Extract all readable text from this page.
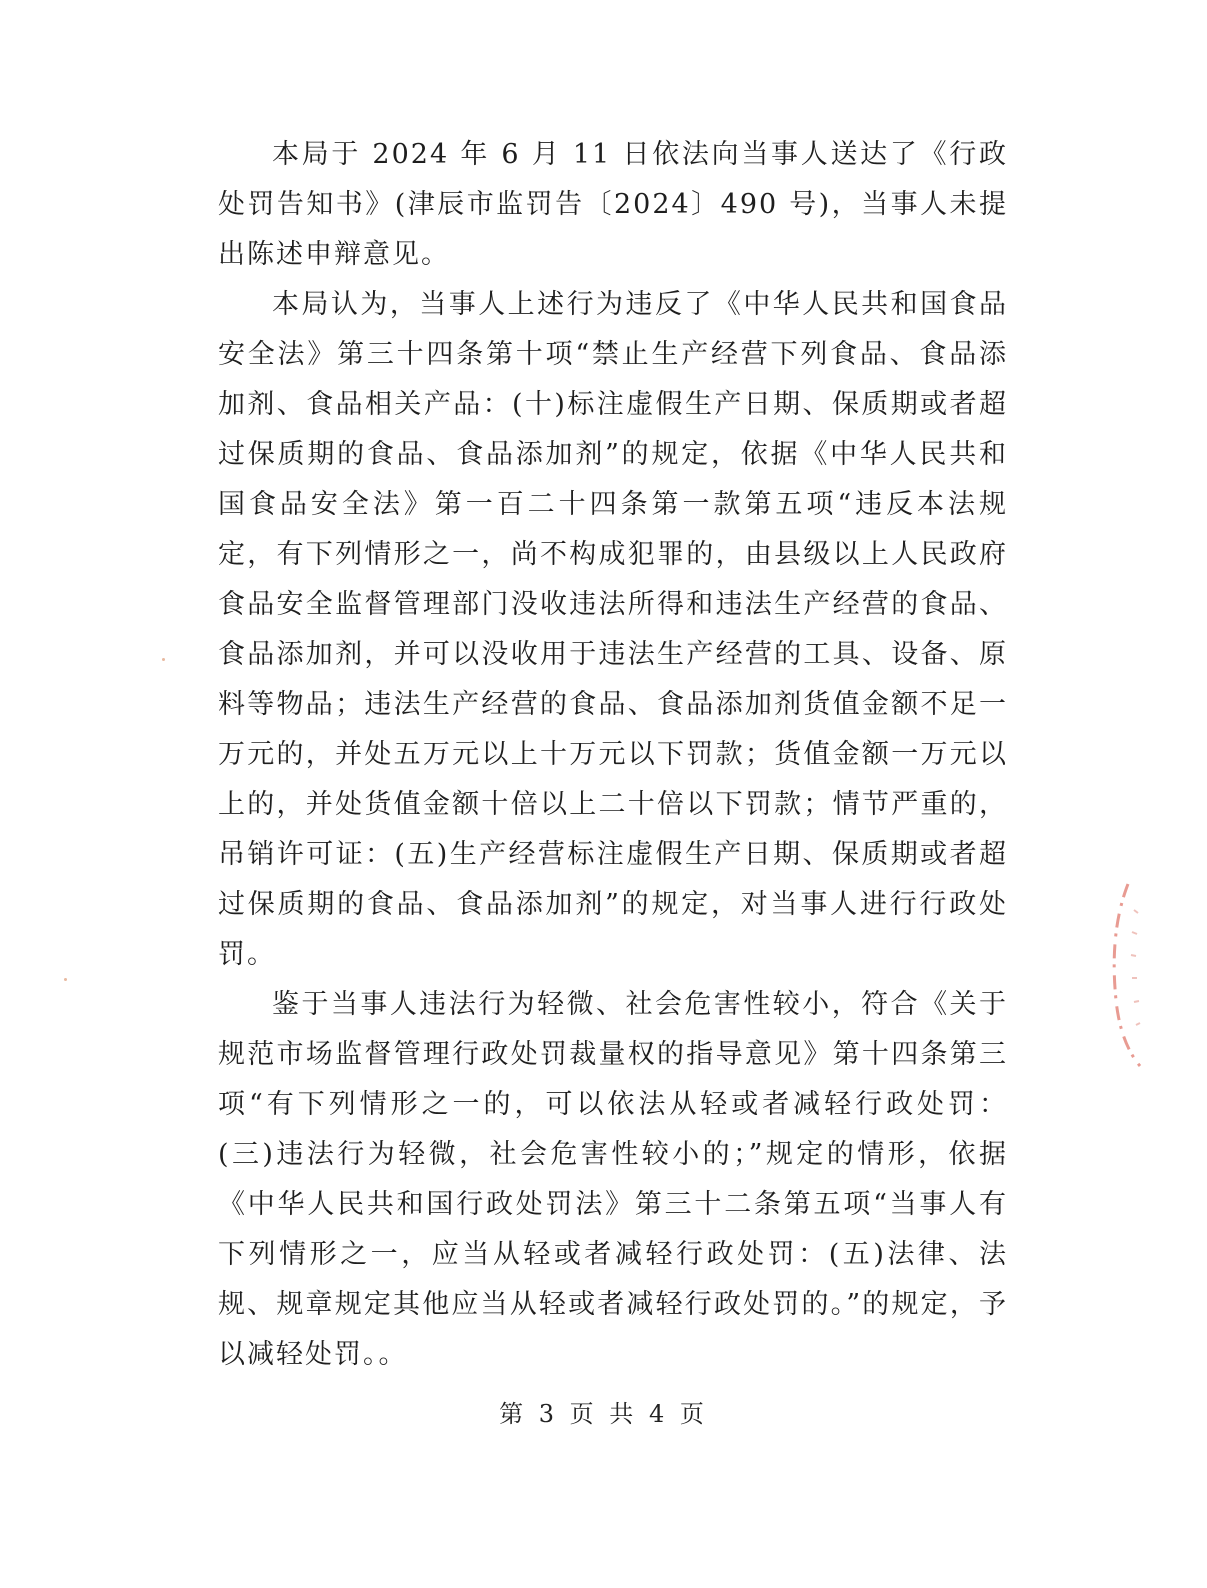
本局于 2024 年 6 月 11 日依法向当事人送达了《行政处罚告知书》(津辰市监罚告〔2024〕490 号)，当事人未提出陈述申辩意见。

本局认为，当事人上述行为违反了《中华人民共和国食品安全法》第三十四条第十项“禁止生产经营下列食品、食品添加剂、食品相关产品：(十)标注虚假生产日期、保质期或者超过保质期的食品、食品添加剂”的规定，依据《中华人民共和国食品安全法》第一百二十四条第一款第五项“违反本法规定，有下列情形之一，尚不构成犯罪的，由县级以上人民政府食品安全监督管理部门没收违法所得和违法生产经营的食品、食品添加剂，并可以没收用于违法生产经营的工具、设备、原料等物品；违法生产经营的食品、食品添加剂货值金额不足一万元的，并处五万元以上十万元以下罚款；货值金额一万元以上的，并处货值金额十倍以上二十倍以下罚款；情节严重的，吊销许可证：(五)生产经营标注虚假生产日期、保质期或者超过保质期的食品、食品添加剂”的规定，对当事人进行行政处罚。

鉴于当事人违法行为轻微、社会危害性较小，符合《关于规范市场监督管理行政处罚裁量权的指导意见》第十四条第三项“有下列情形之一的，可以依法从轻或者减轻行政处罚：(三)违法行为轻微，社会危害性较小的；”规定的情形，依据《中华人民共和国行政处罚法》第三十二条第五项“当事人有下列情形之一，应当从轻或者减轻行政处罚：(五)法律、法规、规章规定其他应当从轻或者减轻行政处罚的。”的规定，予以减轻处罚。。

第 3 页 共 4 页
